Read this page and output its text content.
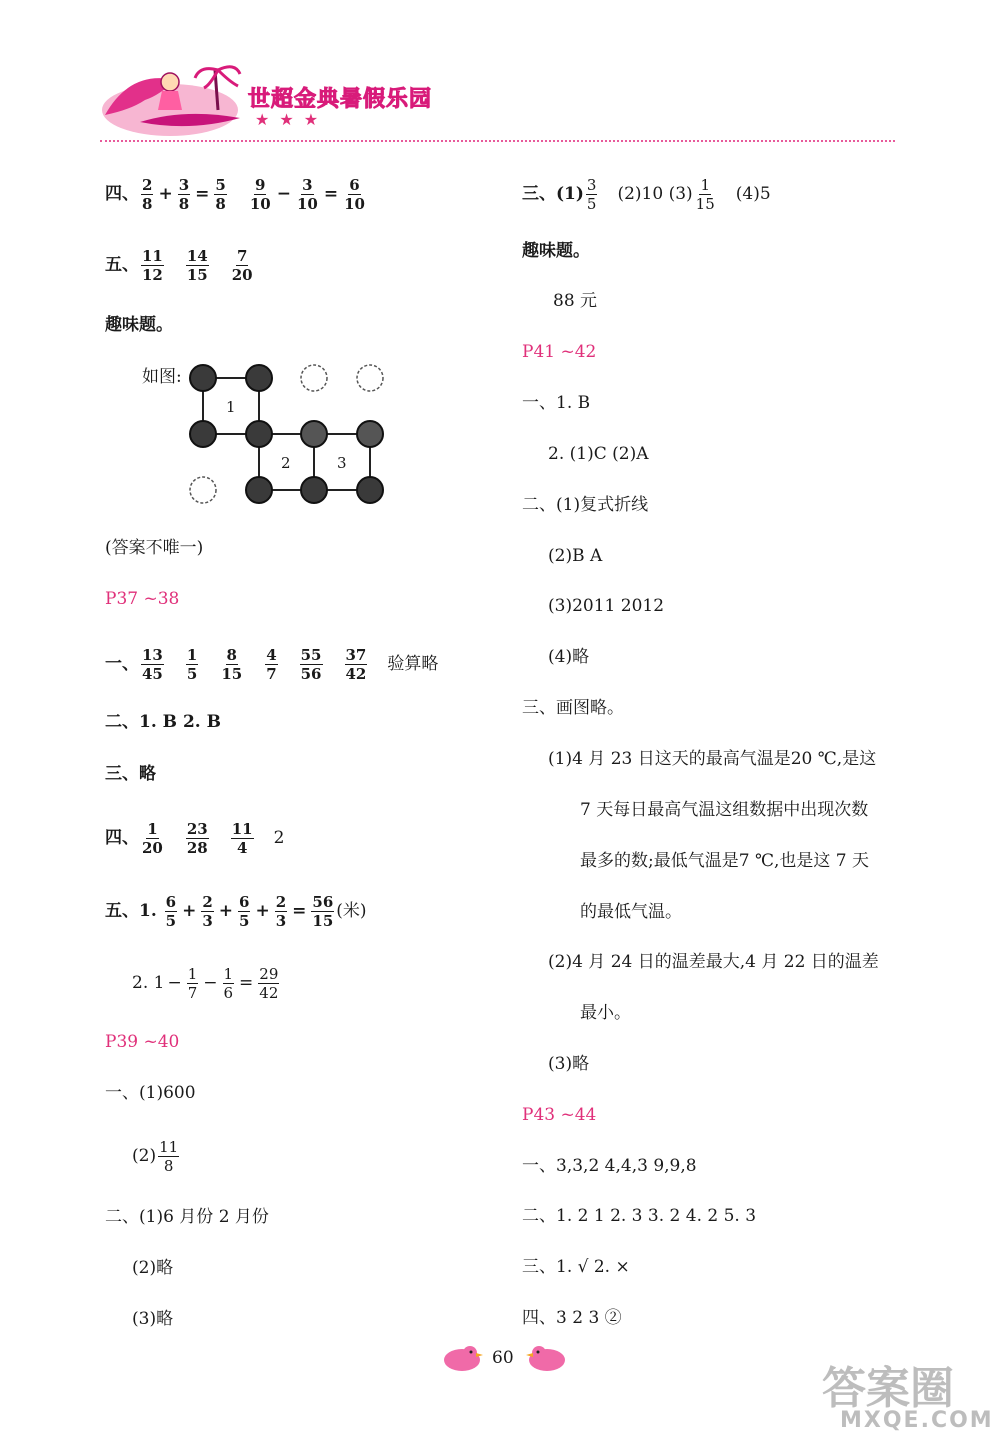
世超金典暑假乐园
★★★
四、 $\frac{2}{8} + \frac{3}{8} = \frac{5}{8} \frac{9}{10} - \frac{3}{10} = \frac{6}{10}$
五、 $\frac{11}{12} \frac{14}{15} \frac{7}{20}$
趣味题。
如图:
1
2	3
(答案不唯一)
P37 ~38
一、 $\frac{13}{45} \frac{1}{5} \frac{8}{15} \frac{4}{7} \frac{55}{56} \frac{37}{42}$ 验算略
二、1. B 2. B
三、略
四、 $\frac{1}{20} \frac{23}{28} \frac{11}{4} 2$
五、1. $\frac{6}{5} + \frac{2}{3} + \frac{6}{5} + \frac{2}{3} = \frac{56}{15}$ (米)
2. $1 - \frac{1}{7} - \frac{1}{6} = \frac{29}{42}$
P39 ~40
一、(1)600
$(2) \frac{11}{8}$
二、(1)6 月份 2 月份
(2)略
(3)略
三、$(1) \frac{3}{5} (2)10$ $(3) \frac{1}{15} (4)5$
趣味题。
88 元
P41 ~42
一、1. B
2. (1)C (2)A
二、(1)复式折线
(2)B A
(3)2011 2012
(4)略
三、画图略。
(1)4 月 23 日这天的最高气温是20 ℃,是这
7 天每日最高气温这组数据中出现次数
最多的数;最低气温是7 ℃,也是这 7 天
的最低气温。
(2)4 月 24 日的温差最大,4 月 22 日的温差
最小。
(3)略
P43 ~44
一、3,3,2 4,4,3 9,9,8
二、1. 2 1 2. 3 3. 2 4. 2 5. 3
三、1. √ 2. ×
四、3 2 3 ②
60
答案圈
MXQE.COM
